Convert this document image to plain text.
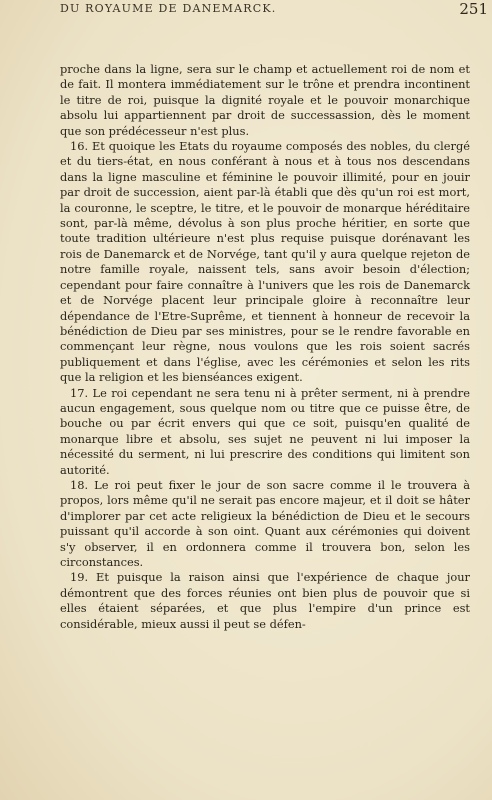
DU ROYAUME DE DANEMARCK.	251

proche dans la ligne, sera sur le champ et actuellement roi de nom et de fait. Il montera immédiatement sur le trône et prendra incontinent le titre de roi, puisque la dignité royale et le pouvoir monarchique absolu lui appartiennent par droit de successassion, dès le moment que son prédécesseur n'est plus.

16. Et quoique les Etats du royaume composés des nobles, du clergé et du tiers-état, en nous conférant à nous et à tous nos descendans dans la ligne masculine et féminine le pouvoir illimité, pour en jouir par droit de succession, aient par-là établi que dès qu'un roi est mort, la couronne, le sceptre, le titre, et le pouvoir de monarque héréditaire sont, par-là même, dévolus à son plus proche héritier, en sorte que toute tradition ultérieure n'est plus requise puisque dorénavant les rois de Danemarck et de Norvége, tant qu'il y aura quelque rejeton de notre famille royale, naissent tels, sans avoir besoin d'élection; cependant pour faire connaître à l'univers que les rois de Danemarck et de Norvége placent leur principale gloire à reconnaître leur dépendance de l'Etre-Suprême, et tiennent à honneur de recevoir la bénédiction de Dieu par ses ministres, pour se le rendre favorable en commençant leur règne, nous voulons que les rois soient sacrés publiquement et dans l'église, avec les cérémonies et selon les rits que la religion et les bienséances exigent.

17. Le roi cependant ne sera tenu ni à prêter serment, ni à prendre aucun engagement, sous quelque nom ou titre que ce puisse être, de bouche ou par écrit envers qui que ce soit, puisqu'en qualité de monarque libre et absolu, ses sujet ne peuvent ni lui imposer la nécessité du serment, ni lui prescrire des conditions qui limitent son autorité.

18. Le roi peut fixer le jour de son sacre comme il le trouvera à propos, lors même qu'il ne serait pas encore majeur, et il doit se hâter d'implorer par cet acte religieux la bénédiction de Dieu et le secours puissant qu'il accorde à son oint. Quant aux cérémonies qui doivent s'y observer, il en ordonnera comme il trouvera bon, selon les circonstances.

19. Et puisque la raison ainsi que l'expérience de chaque jour démontrent que des forces réunies ont bien plus de pouvoir que si elles étaient séparées, et que plus l'empire d'un prince est considérable, mieux aussi il peut se défen-
